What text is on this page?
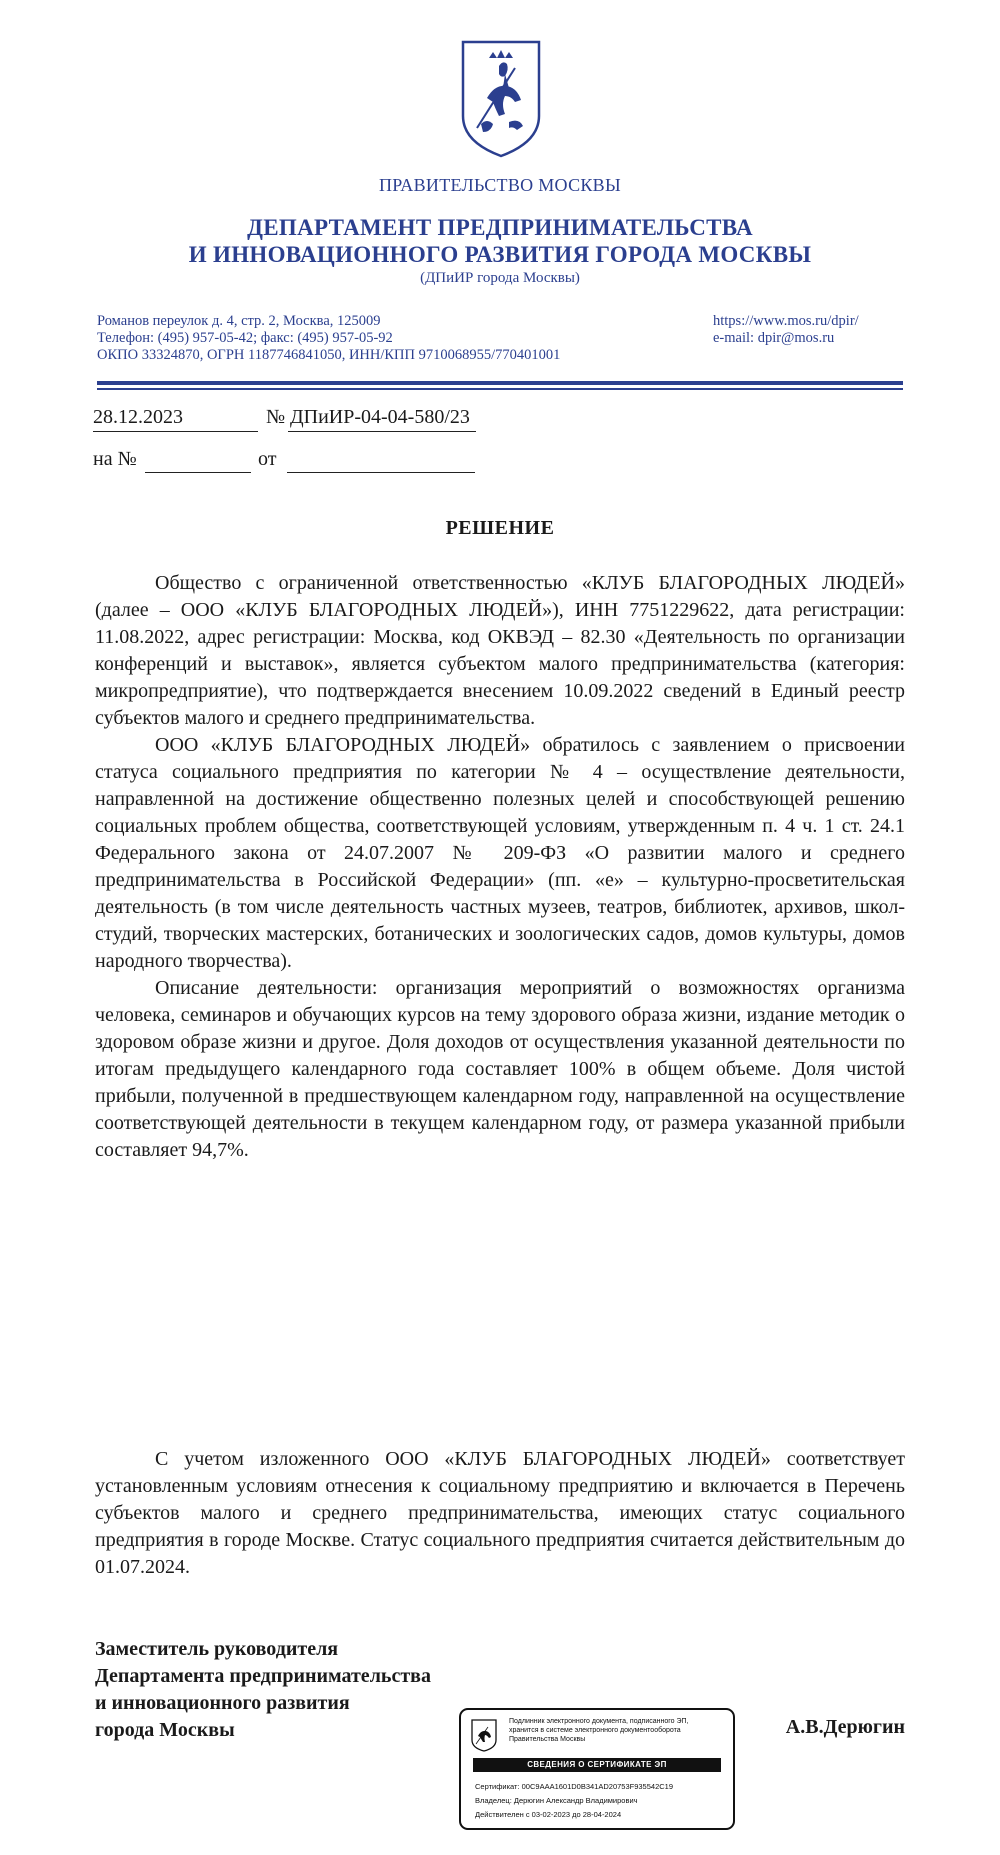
ПРАВИТЕЛЬСТВО МОСКВЫ
ДЕПАРТАМЕНТ ПРЕДПРИНИМАТЕЛЬСТВА
И ИННОВАЦИОННОГО РАЗВИТИЯ ГОРОДА МОСКВЫ
(ДПиИР города Москвы)
Романов переулок д. 4, стр. 2, Москва, 125009
Телефон: (495) 957-05-42; факс: (495) 957-05-92
ОКПО 33324870, ОГРН 1187746841050, ИНН/КПП 9710068955/770401001
https://www.mos.ru/dpir/
e-mail: dpir@mos.ru
28.12.2023	№ ДПиИР-04-04-580/23
на №	от
РЕШЕНИЕ

Общество с ограниченной ответственностью «КЛУБ БЛАГОРОДНЫХ ЛЮДЕЙ» (далее – ООО «КЛУБ БЛАГОРОДНЫХ ЛЮДЕЙ»), ИНН 7751229622, дата регистрации: 11.08.2022, адрес регистрации: Москва, код ОКВЭД – 82.30 «Деятельность по организации конференций и выставок», является субъектом малого предпринимательства (категория: микропредприятие), что подтверждается внесением 10.09.2022 сведений в Единый реестр субъектов малого и среднего предпринимательства.

ООО «КЛУБ БЛАГОРОДНЫХ ЛЮДЕЙ» обратилось с заявлением о присвоении статуса социального предприятия по категории № 4 – осуществление деятельности, направленной на достижение общественно полезных целей и способствующей решению социальных проблем общества, соответствующей условиям, утвержденным п. 4 ч. 1 ст. 24.1 Федерального закона от 24.07.2007 № 209-ФЗ «О развитии малого и среднего предпринимательства в Российской Федерации» (пп. «е» – культурно-просветительская деятельность (в том числе деятельность частных музеев, театров, библиотек, архивов, школ-студий, творческих мастерских, ботанических и зоологических садов, домов культуры, домов народного творчества).

Описание деятельности: организация мероприятий о возможностях организма человека, семинаров и обучающих курсов на тему здорового образа жизни, издание методик о здоровом образе жизни и другое. Доля доходов от осуществления указанной деятельности по итогам предыдущего календарного года составляет 100% в общем объеме. Доля чистой прибыли, полученной в предшествующем календарном году, направленной на осуществление соответствующей деятельности в текущем календарном году, от размера указанной прибыли составляет 94,7%.

С учетом изложенного ООО «КЛУБ БЛАГОРОДНЫХ ЛЮДЕЙ» соответствует установленным условиям отнесения к социальному предприятию и включается в Перечень субъектов малого и среднего предпринимательства, имеющих статус социального предприятия в городе Москве. Статус социального предприятия считается действительным до 01.07.2024.

Заместитель руководителя
Департамента предпринимательства
и инновационного развития
города Москвы	А.В.Дерюгин
Подлинник электронного документа, подписанного ЭП,
хранится в системе электронного документооборота
Правительства Москвы
СВЕДЕНИЯ О СЕРТИФИКАТЕ ЭП
Сертификат: 00C9AAA1601D0B341AD20753F935542C19
Владелец: Дерюгин Александр Владимирович
Действителен с 03-02-2023 до 28-04-2024
